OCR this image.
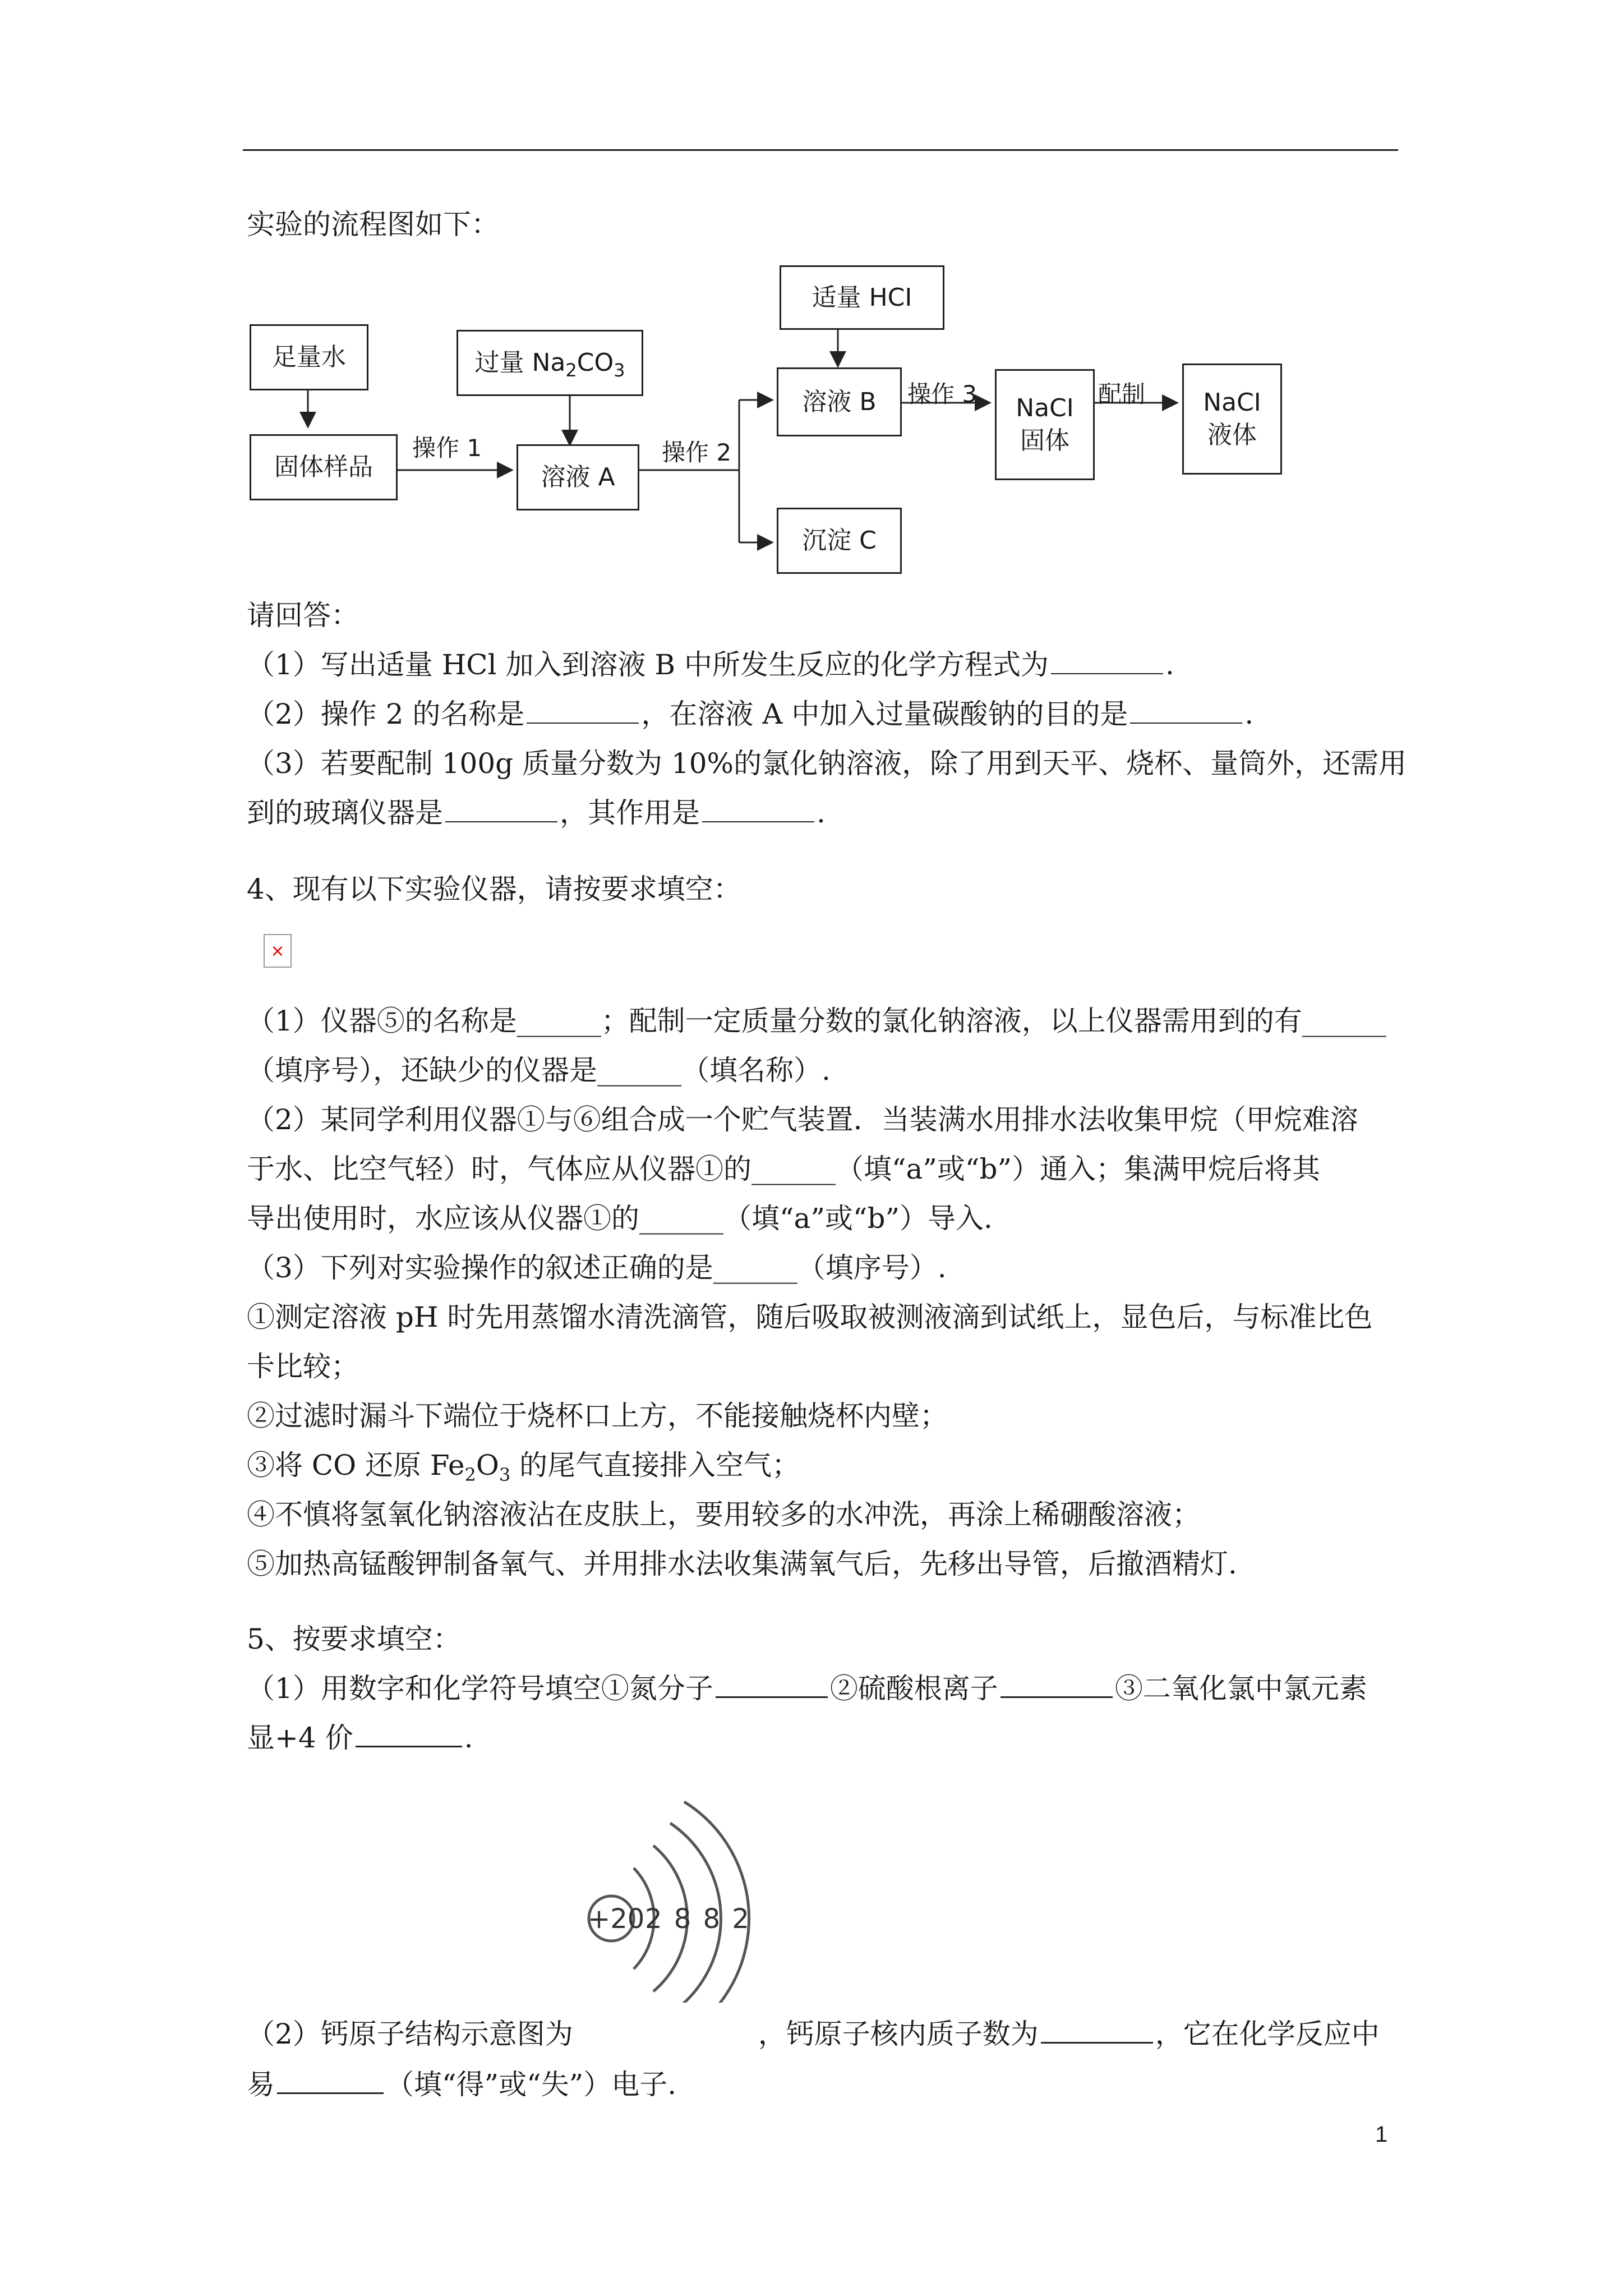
实验的流程图如下：
足量水	过量 $Na_2CO_3$
适量 HCI
固体样品	溶液 A
溶液 B
沉淀 C
NaCI
固体
NaCI
液体
操作 1	操作 2
操作 3	配制
请回答：
（1）写出适量 HCl 加入到溶液 B 中所发生反应的化学方程式为	.
（2）操作 2 的名称是	，在溶液 A 中加入过量碳酸钠的目的是	.
（3）若要配制 100g 质量分数为 10%的氯化钠溶液，除了用到天平、烧杯、量筒外，还需用
到的玻璃仪器是	，其作用是	.
4、现有以下实验仪器，请按要求填空：
×
（1）仪器⑤的名称是______；配制一定质量分数的氯化钠溶液，以上仪器需用到的有______
（填序号），还缺少的仪器是______（填名称）.
（2）某同学利用仪器①与⑥组合成一个贮气装置．当装满水用排水法收集甲烷（甲烷难溶
于水、比空气轻）时，气体应从仪器①的______（填“a”或“b”）通入；集满甲烷后将其
导出使用时，水应该从仪器①的______（填“a”或“b”）导入.
（3）下列对实验操作的叙述正确的是______（填序号）.
①测定溶液 pH 时先用蒸馏水清洗滴管，随后吸取被测液滴到试纸上，显色后，与标准比色
卡比较；
②过滤时漏斗下端位于烧杯口上方，不能接触烧杯内壁；
③将 CO 还原 $Fe_2O_3$ 的尾气直接排入空气；
④不慎将氢氧化钠溶液沾在皮肤上，要用较多的水冲洗，再涂上稀硼酸溶液；
⑤加热高锰酸钾制备氧气、并用排水法收集满氧气后，先移出导管，后撤酒精灯.
5、按要求填空：
（1）用数字和化学符号填空①氮分子	②硫酸根离子	③二氧化氯中氯元素
显+4 价	.
+20 2 8 8 2
（2）钙原子结构示意图为	，钙原子核内质子数为	，它在化学反应中
易	（填“得”或“失”）电子.
1
